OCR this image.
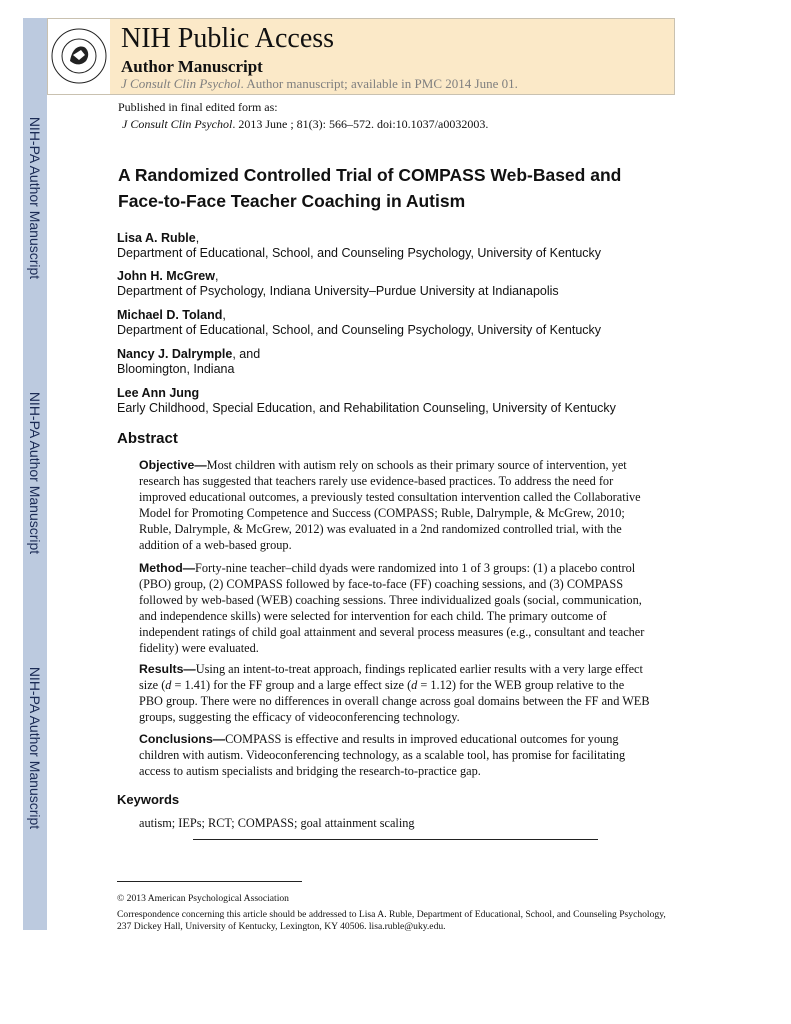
NIH-PA Author Manuscript
NIH-PA Author Manuscript
NIH-PA Author Manuscript
NIH Public Access
Author Manuscript
J Consult Clin Psychol. Author manuscript; available in PMC 2014 June 01.
Published in final edited form as:
J Consult Clin Psychol. 2013 June ; 81(3): 566–572. doi:10.1037/a0032003.
A Randomized Controlled Trial of COMPASS Web-Based and
Face-to-Face Teacher Coaching in Autism
Lisa A. Ruble,
Department of Educational, School, and Counseling Psychology, University of Kentucky
John H. McGrew,
Department of Psychology, Indiana University–Purdue University at Indianapolis
Michael D. Toland,
Department of Educational, School, and Counseling Psychology, University of Kentucky
Nancy J. Dalrymple, and
Bloomington, Indiana
Lee Ann Jung
Early Childhood, Special Education, and Rehabilitation Counseling, University of Kentucky
Abstract
Objective—Most children with autism rely on schools as their primary source of intervention, yet research has suggested that teachers rarely use evidence-based practices. To address the need for improved educational outcomes, a previously tested consultation intervention called the Collaborative Model for Promoting Competence and Success (COMPASS; Ruble, Dalrymple, & McGrew, 2010; Ruble, Dalrymple, & McGrew, 2012) was evaluated in a 2nd randomized controlled trial, with the addition of a web-based group.
Method—Forty-nine teacher–child dyads were randomized into 1 of 3 groups: (1) a placebo control (PBO) group, (2) COMPASS followed by face-to-face (FF) coaching sessions, and (3) COMPASS followed by web-based (WEB) coaching sessions. Three individualized goals (social, communication, and independence skills) were selected for intervention for each child. The primary outcome of independent ratings of child goal attainment and several process measures (e.g., consultant and teacher fidelity) were evaluated.
Results—Using an intent-to-treat approach, findings replicated earlier results with a very large effect size (d = 1.41) for the FF group and a large effect size (d = 1.12) for the WEB group relative to the PBO group. There were no differences in overall change across goal domains between the FF and WEB groups, suggesting the efficacy of videoconferencing technology.
Conclusions—COMPASS is effective and results in improved educational outcomes for young children with autism. Videoconferencing technology, as a scalable tool, has promise for facilitating access to autism specialists and bridging the research-to-practice gap.
Keywords
autism; IEPs; RCT; COMPASS; goal attainment scaling
© 2013 American Psychological Association
Correspondence concerning this article should be addressed to Lisa A. Ruble, Department of Educational, School, and Counseling Psychology, 237 Dickey Hall, University of Kentucky, Lexington, KY 40506. lisa.ruble@uky.edu.
